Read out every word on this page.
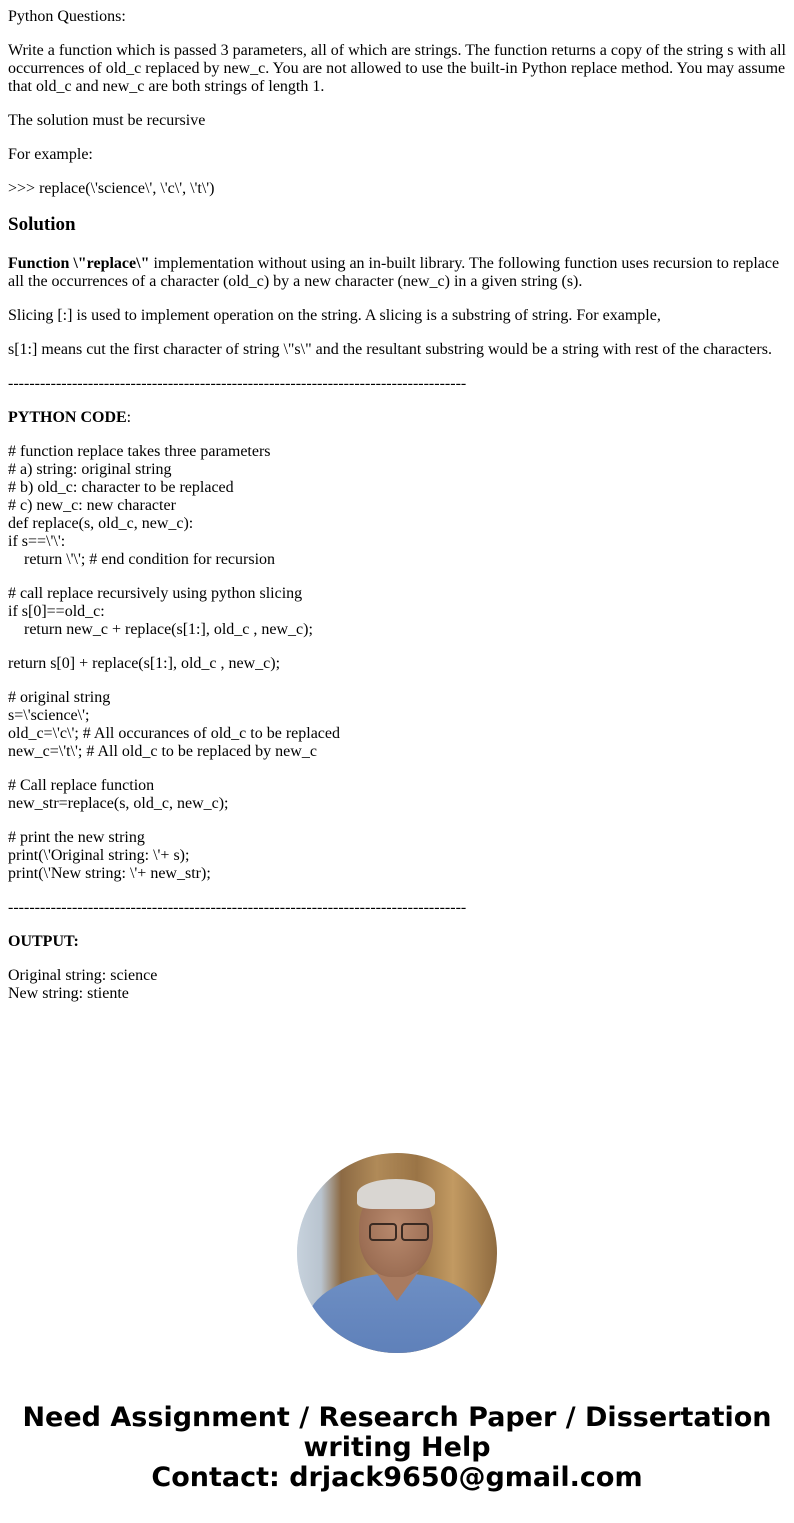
Python Questions:

Write a function which is passed 3 parameters, all of which are strings. The function returns a copy of the string s with all occurrences of old_c replaced by new_c. You are not allowed to use the built-in Python replace method. You may assume that old_c and new_c are both strings of length 1.

The solution must be recursive

For example:

>>> replace(\'science\', \'c\', \'t\')

Solution

Function \"replace\" implementation without using an in-built library. The following function uses recursion to replace all the occurrences of a character (old_c) by a new character (new_c) in a given string (s).

Slicing [:] is used to implement operation on the string. A slicing is a substring of string. For example,

s[1:] means cut the first character of string \"s\" and the resultant substring would be a string with rest of the characters.

--------------------------------------------------------------------------------------

PYTHON CODE:

# function replace takes three parameters
# a) string: original string
# b) old_c: character to be replaced
# c) new_c: new character
def replace(s, old_c, new_c):
if s==\'\':
return \'\'; # end condition for recursion
# call replace recursively using python slicing
if s[0]==old_c:
return new_c + replace(s[1:], old_c , new_c);
return s[0] + replace(s[1:], old_c , new_c);
# original string
s=\'science\';
old_c=\'c\'; # All occurances of old_c to be replaced
new_c=\'t\'; # All old_c to be replaced by new_c
# Call replace function
new_str=replace(s, old_c, new_c);
# print the new string
print(\'Original string: \'+ s);
print(\'New string: \'+ new_str);

--------------------------------------------------------------------------------------

OUTPUT:

Original string: science
New string: stiente
Need Assignment / Research Paper / Dissertation
writing Help
Contact: drjack9650@gmail.com
